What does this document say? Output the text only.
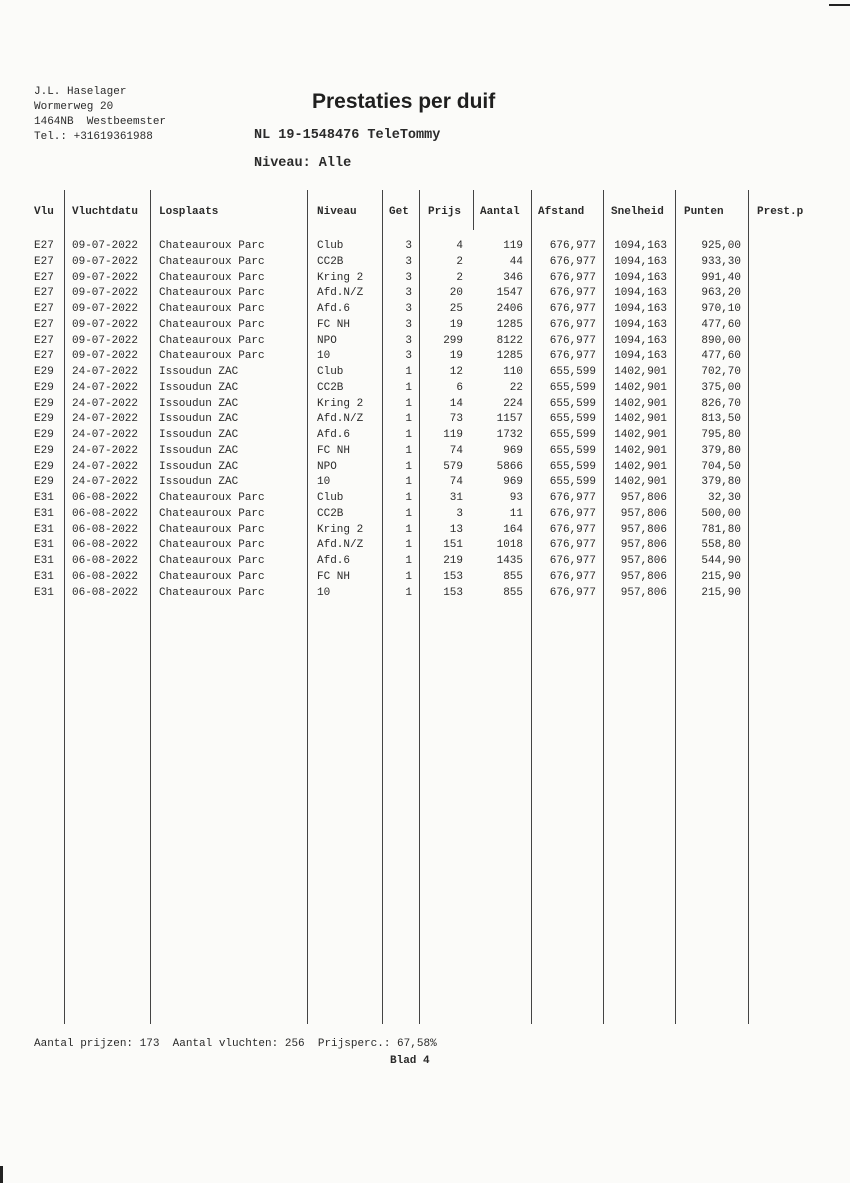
J.L. Haselager
Wormerweg 20
1464NB  Westbeemster
Tel.: +31619361988
Prestaties per duif
NL 19-1548476 TeleTommy
Niveau: Alle
Vlu Vluchtdatu Losplaats	Niveau	Get Prijs Aantal Afstand Snelheid Punten	Prest.p
E27 09-07-2022 Chateauroux Parc	Club	3	4	119	676,977	1094,163	925,00
E27 09-07-2022 Chateauroux Parc	CC2B	3	2	44	676,977	1094,163	933,30
E27 09-07-2022 Chateauroux Parc	Kring 2	3	2	346	676,977	1094,163	991,40
E27 09-07-2022 Chateauroux Parc	Afd.N/Z	3	20	1547	676,977	1094,163	963,20
E27 09-07-2022 Chateauroux Parc	Afd.6	3	25	2406	676,977	1094,163	970,10
E27 09-07-2022 Chateauroux Parc	FC NH	3	19	1285	676,977	1094,163	477,60
E27 09-07-2022 Chateauroux Parc	NPO	3	299	8122	676,977	1094,163	890,00
E27 09-07-2022 Chateauroux Parc	10	3	19	1285	676,977	1094,163	477,60
E29 24-07-2022 Issoudun ZAC	Club	1	12	110	655,599	1402,901	702,70
E29 24-07-2022 Issoudun ZAC	CC2B	1	6	22	655,599	1402,901	375,00
E29 24-07-2022 Issoudun ZAC	Kring 2	1	14	224	655,599	1402,901	826,70
E29 24-07-2022 Issoudun ZAC	Afd.N/Z	1	73	1157	655,599	1402,901	813,50
E29 24-07-2022 Issoudun ZAC	Afd.6	1	119	1732	655,599	1402,901	795,80
E29 24-07-2022 Issoudun ZAC	FC NH	1	74	969	655,599	1402,901	379,80
E29 24-07-2022 Issoudun ZAC	NPO	1	579	5866	655,599	1402,901	704,50
E29 24-07-2022 Issoudun ZAC	10	1	74	969	655,599	1402,901	379,80
E31 06-08-2022 Chateauroux Parc	Club	1	31	93	676,977	957,806	32,30
E31 06-08-2022 Chateauroux Parc	CC2B	1	3	11	676,977	957,806	500,00
E31 06-08-2022 Chateauroux Parc	Kring 2	1	13	164	676,977	957,806	781,80
E31 06-08-2022 Chateauroux Parc	Afd.N/Z	1	151	1018	676,977	957,806	558,80
E31 06-08-2022 Chateauroux Parc	Afd.6	1	219	1435	676,977	957,806	544,90
E31 06-08-2022 Chateauroux Parc	FC NH	1	153	855	676,977	957,806	215,90
E31 06-08-2022 Chateauroux Parc	10	1	153	855	676,977	957,806	215,90
Aantal prijzen: 173  Aantal vluchten: 256  Prijsperc.: 67,58%
Blad 4
